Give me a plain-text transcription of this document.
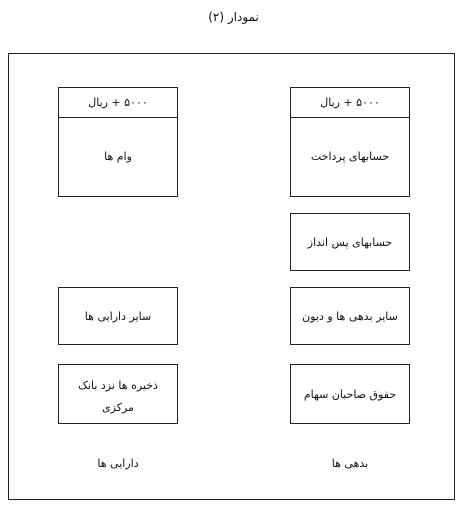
نمودار (۲)
۵۰۰۰ + ریال
وام ها
سایر دارایی ها
ذخیره ها نزد بانک مرکزی
دارایی ها
۵۰۰۰ + ریال
حسابهای پرداخت
حسابهای پس انداز
سایر بدهی ها و دیون
حقوق صاحبان سهام
بدهی ها
